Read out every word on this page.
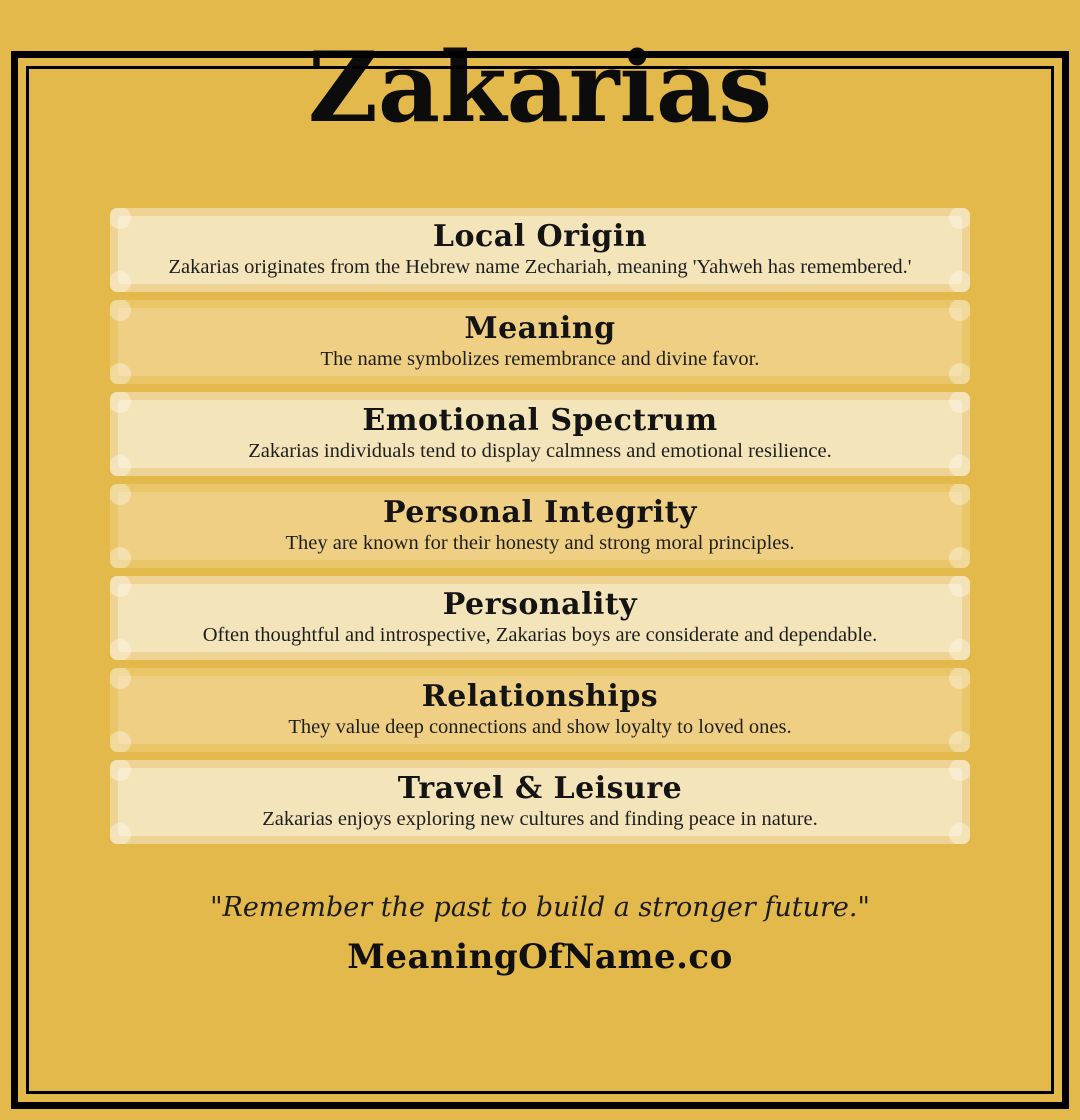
Zakarias
Local Origin

Zakarias originates from the Hebrew name Zechariah, meaning 'Yahweh has remembered.'

Meaning

The name symbolizes remembrance and divine favor.

Emotional Spectrum

Zakarias individuals tend to display calmness and emotional resilience.

Personal Integrity

They are known for their honesty and strong moral principles.

Personality

Often thoughtful and introspective, Zakarias boys are considerate and dependable.

Relationships

They value deep connections and show loyalty to loved ones.

Travel & Leisure

Zakarias enjoys exploring new cultures and finding peace in nature.

"Remember the past to build a stronger future."

MeaningOfName.co
